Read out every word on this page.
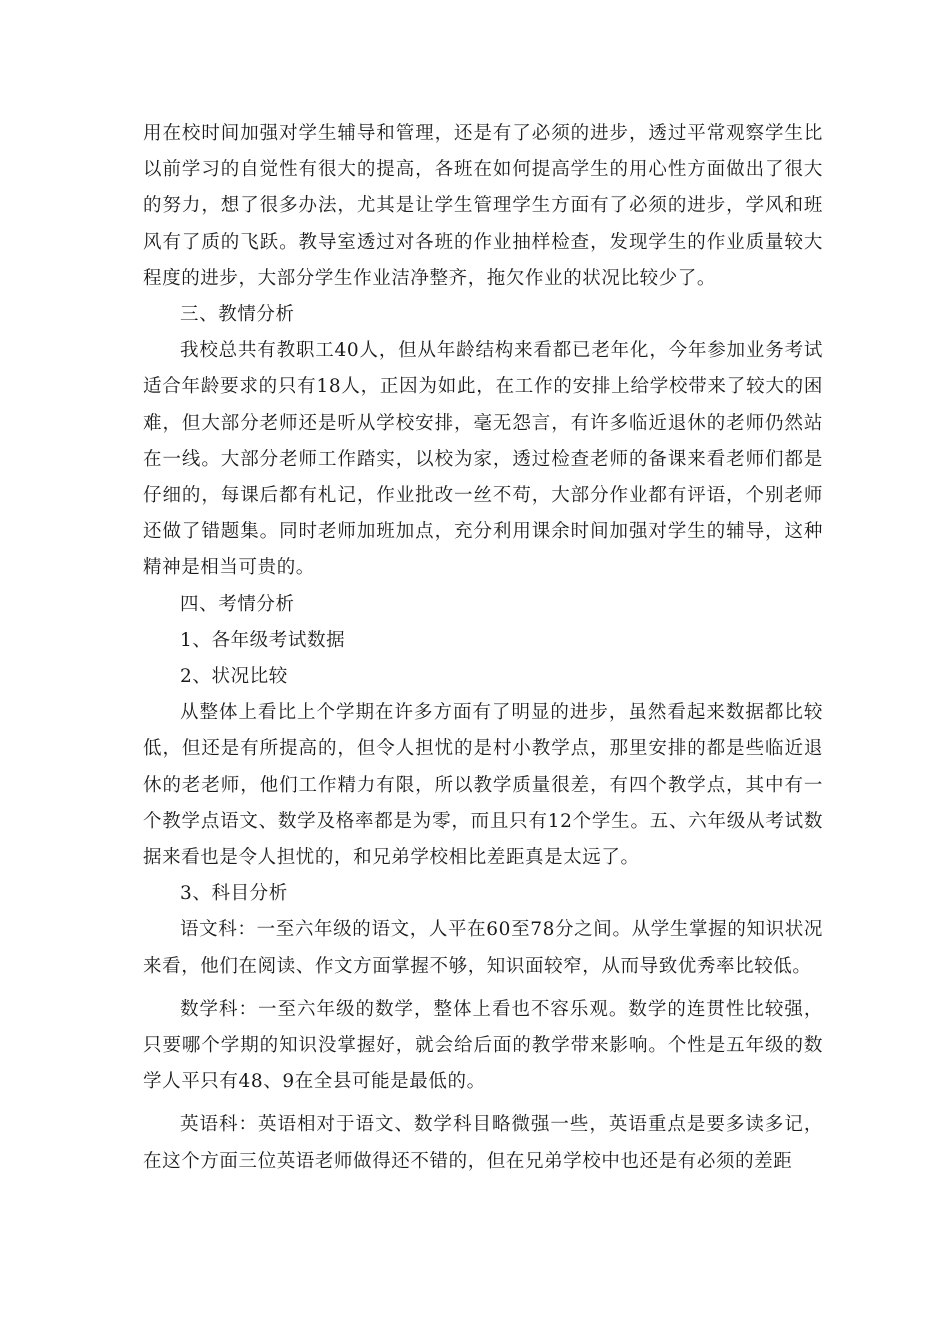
用在校时间加强对学生辅导和管理，还是有了必须的进步，透过平常观察学生比以前学习的自觉性有很大的提高，各班在如何提高学生的用心性方面做出了很大的努力，想了很多办法，尤其是让学生管理学生方面有了必须的进步，学风和班风有了质的飞跃。教导室透过对各班的作业抽样检查，发现学生的作业质量较大程度的进步，大部分学生作业洁净整齐，拖欠作业的状况比较少了。

三、教情分析

我校总共有教职工40人，但从年龄结构来看都已老年化，今年参加业务考试适合年龄要求的只有18人，正因为如此，在工作的安排上给学校带来了较大的困难，但大部分老师还是听从学校安排，毫无怨言，有许多临近退休的老师仍然站在一线。大部分老师工作踏实，以校为家，透过检查老师的备课来看老师们都是仔细的，每课后都有札记，作业批改一丝不苟，大部分作业都有评语，个别老师还做了错题集。同时老师加班加点，充分利用课余时间加强对学生的辅导，这种精神是相当可贵的。

四、考情分析

1、各年级考试数据

2、状况比较

从整体上看比上个学期在许多方面有了明显的进步，虽然看起来数据都比较低，但还是有所提高的，但令人担忧的是村小教学点，那里安排的都是些临近退休的老老师，他们工作精力有限，所以教学质量很差，有四个教学点，其中有一个教学点语文、数学及格率都是为零，而且只有12个学生。五、六年级从考试数据来看也是令人担忧的，和兄弟学校相比差距真是太远了。

3、科目分析

语文科：一至六年级的语文，人平在60至78分之间。从学生掌握的知识状况来看，他们在阅读、作文方面掌握不够，知识面较窄，从而导致优秀率比较低。

数学科：一至六年级的数学，整体上看也不容乐观。数学的连贯性比较强，只要哪个学期的知识没掌握好，就会给后面的教学带来影响。个性是五年级的数学人平只有48、9在全县可能是最低的。

英语科：英语相对于语文、数学科目略微强一些，英语重点是要多读多记，在这个方面三位英语老师做得还不错的，但在兄弟学校中也还是有必须的差距
